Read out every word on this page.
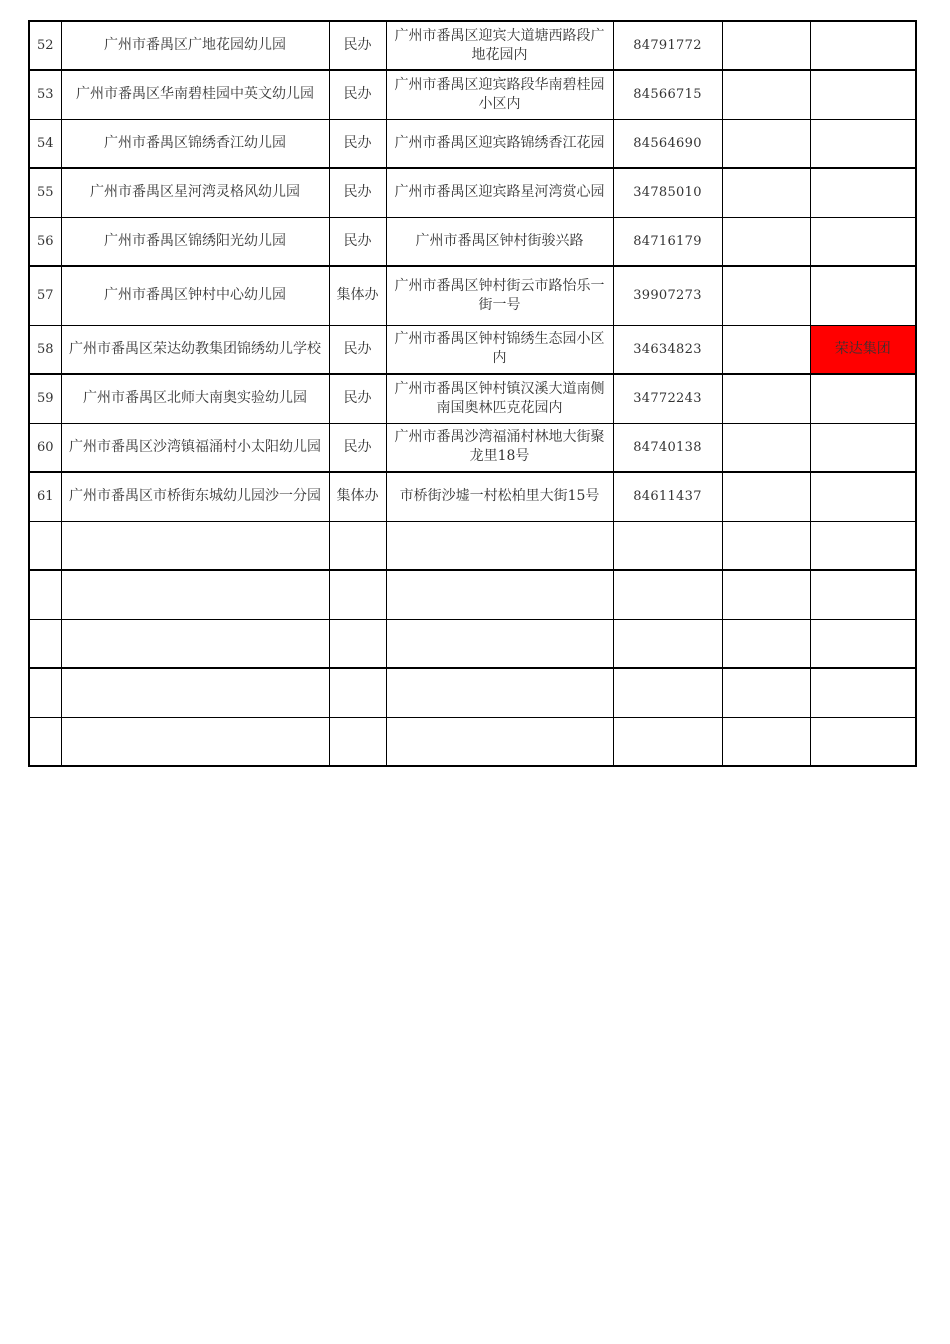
52	广州市番禺区广地花园幼儿园	民办	广州市番禺区迎宾大道塘西路段广地花园内	84791772		
53	广州市番禺区华南碧桂园中英文幼儿园	民办	广州市番禺区迎宾路段华南碧桂园小区内	84566715		
54	广州市番禺区锦绣香江幼儿园	民办	广州市番禺区迎宾路锦绣香江花园	84564690		
55	广州市番禺区星河湾灵格风幼儿园	民办	广州市番禺区迎宾路星河湾赏心园	34785010		
56	广州市番禺区锦绣阳光幼儿园	民办	广州市番禺区钟村街骏兴路	84716179		
57	广州市番禺区钟村中心幼儿园	集体办	广州市番禺区钟村街云市路怡乐一街一号	39907273		
58	广州市番禺区荣达幼教集团锦绣幼儿学校	民办	广州市番禺区钟村锦绣生态园小区内	34634823		荣达集团
59	广州市番禺区北师大南奥实验幼儿园	民办	广州市番禺区钟村镇汉溪大道南侧南国奥林匹克花园内	34772243		
60	广州市番禺区沙湾镇福涌村小太阳幼儿园	民办	广州市番禺沙湾福涌村林地大街聚龙里18号	84740138		
61	广州市番禺区市桥街东城幼儿园沙一分园	集体办	市桥街沙墟一村松柏里大街15号	84611437		
